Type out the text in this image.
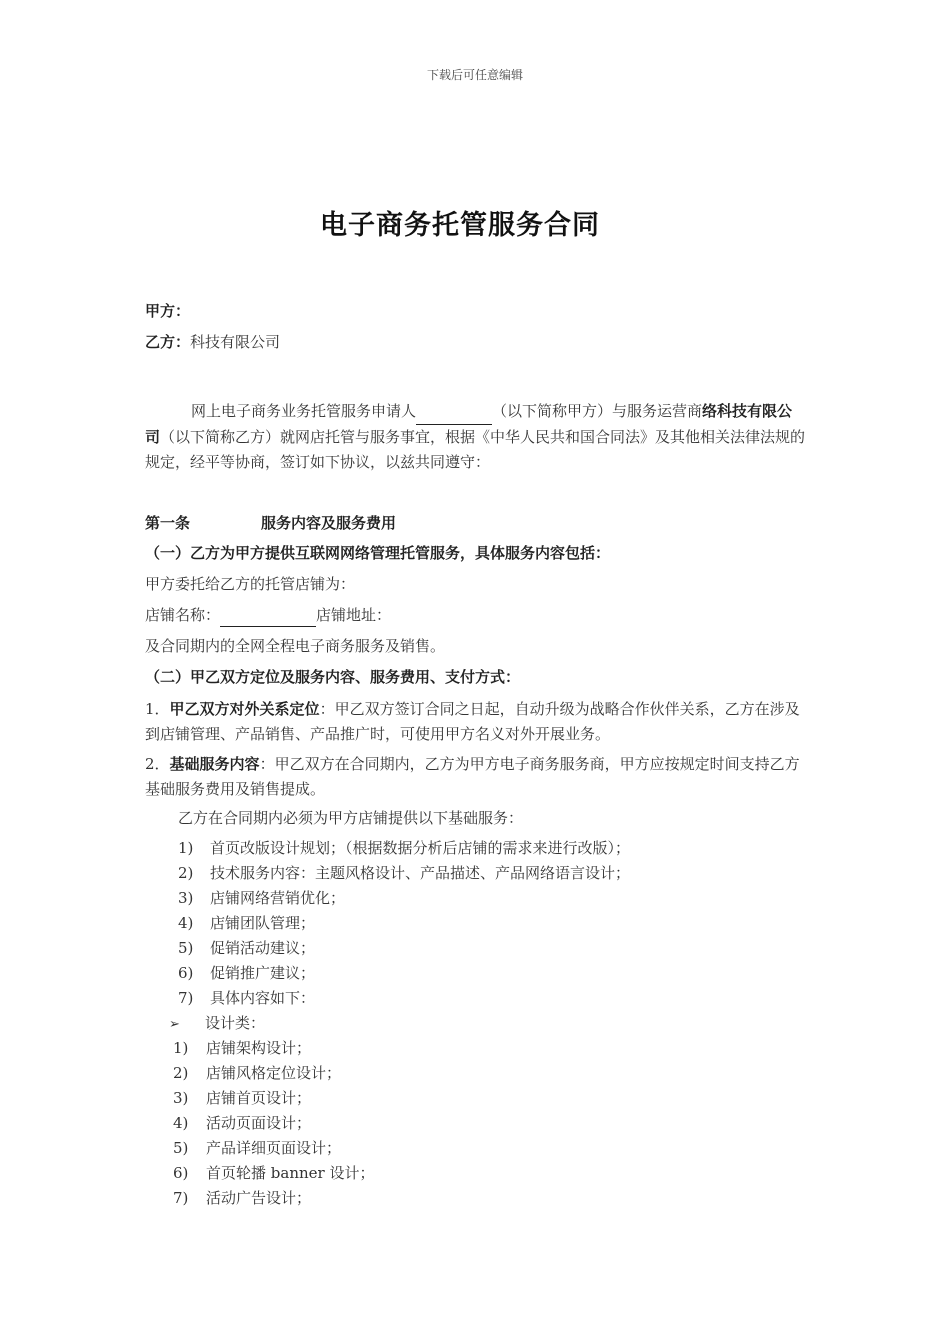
下载后可任意编辑
电子商务托管服务合同

甲方：

乙方：科技有限公司

网上电子商务业务托管服务申请人	（以下简称甲方）与服务运营商络科技有限公司（以下简称乙方）就网店托管与服务事宜，根据《中华人民共和国合同法》及其他相关法律法规的规定，经平等协商，签订如下协议，以兹共同遵守：

第一条	服务内容及服务费用

（一）乙方为甲方提供互联网网络管理托管服务，具体服务内容包括：

甲方委托给乙方的托管店铺为：

店铺名称：	店铺地址：

及合同期内的全网全程电子商务服务及销售。

（二）甲乙双方定位及服务内容、服务费用、支付方式：

1．甲乙双方对外关系定位：甲乙双方签订合同之日起，自动升级为战略合作伙伴关系，乙方在涉及到店铺管理、产品销售、产品推广时，可使用甲方名义对外开展业务。

2．基础服务内容：甲乙双方在合同期内，乙方为甲方电子商务服务商，甲方应按规定时间支持乙方基础服务费用及销售提成。

乙方在合同期内必须为甲方店铺提供以下基础服务：

1) 首页改版设计规划；（根据数据分析后店铺的需求来进行改版）；
2) 技术服务内容：主题风格设计、产品描述、产品网络语言设计；
3) 店铺网络营销优化；
4) 店铺团队管理；
5) 促销活动建议；
6) 促销推广建议；
7) 具体内容如下：
➢ 设计类：
1) 店铺架构设计；
2) 店铺风格定位设计；
3) 店铺首页设计；
4) 活动页面设计；
5) 产品详细页面设计；
6) 首页轮播 banner 设计；
7) 活动广告设计；
